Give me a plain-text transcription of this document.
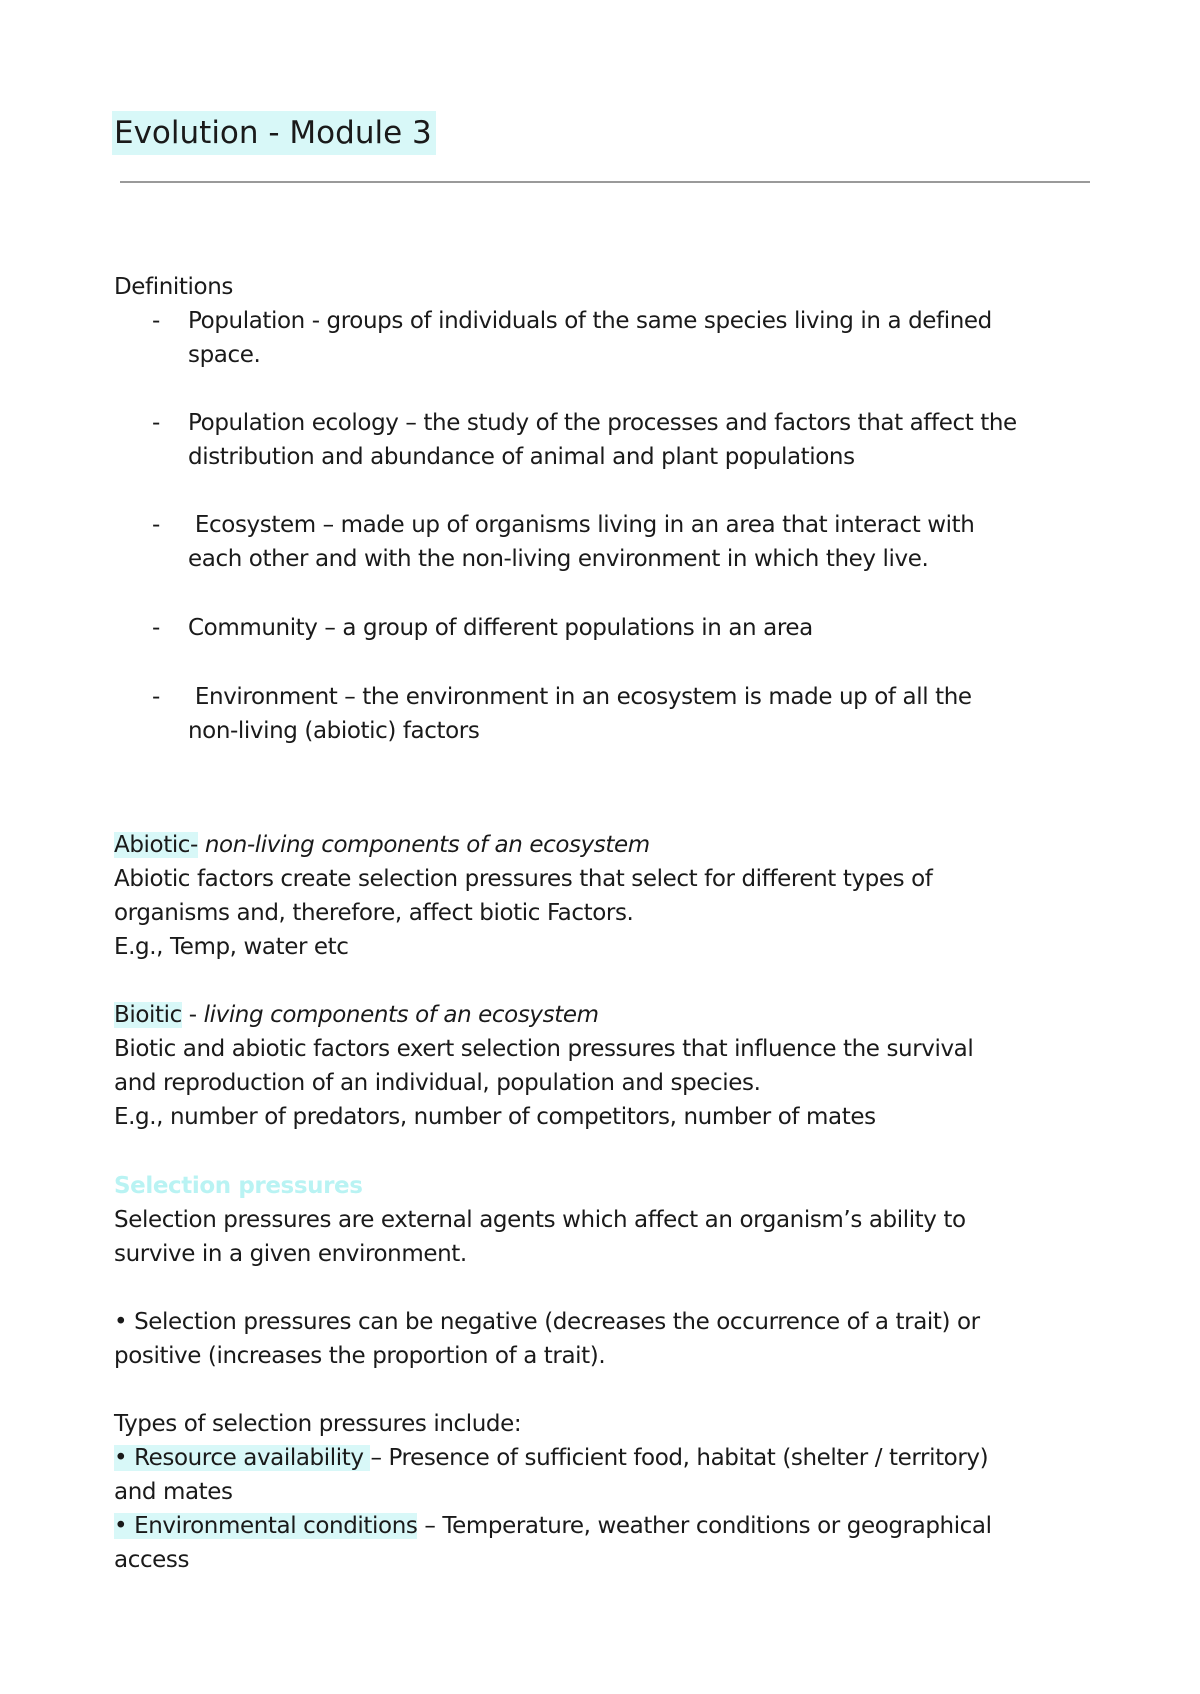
Evolution - Module 3
Definitions
- Population - groups of individuals of the same species living in a defined
space.
- Population ecology – the study of the processes and factors that affect the
distribution and abundance of animal and plant populations
- Ecosystem – made up of organisms living in an area that interact with
each other and with the non-living environment in which they live.
- Community – a group of different populations in an area
- Environment – the environment in an ecosystem is made up of all the
non-living (abiotic) factors
Abiotic- non-living components of an ecosystem
Abiotic factors create selection pressures that select for different types of
organisms and, therefore, affect biotic Factors.
E.g., Temp, water etc
Bioitic - living components of an ecosystem
Biotic and abiotic factors exert selection pressures that influence the survival
and reproduction of an individual, population and species.
E.g., number of predators, number of competitors, number of mates
Selection pressures
Selection pressures are external agents which affect an organism’s ability to
survive in a given environment.
• Selection pressures can be negative (decreases the occurrence of a trait) or
positive (increases the proportion of a trait).
Types of selection pressures include:
• Resource availability – Presence of sufficient food, habitat (shelter / territory)
and mates
• Environmental conditions – Temperature, weather conditions or geographical
access
